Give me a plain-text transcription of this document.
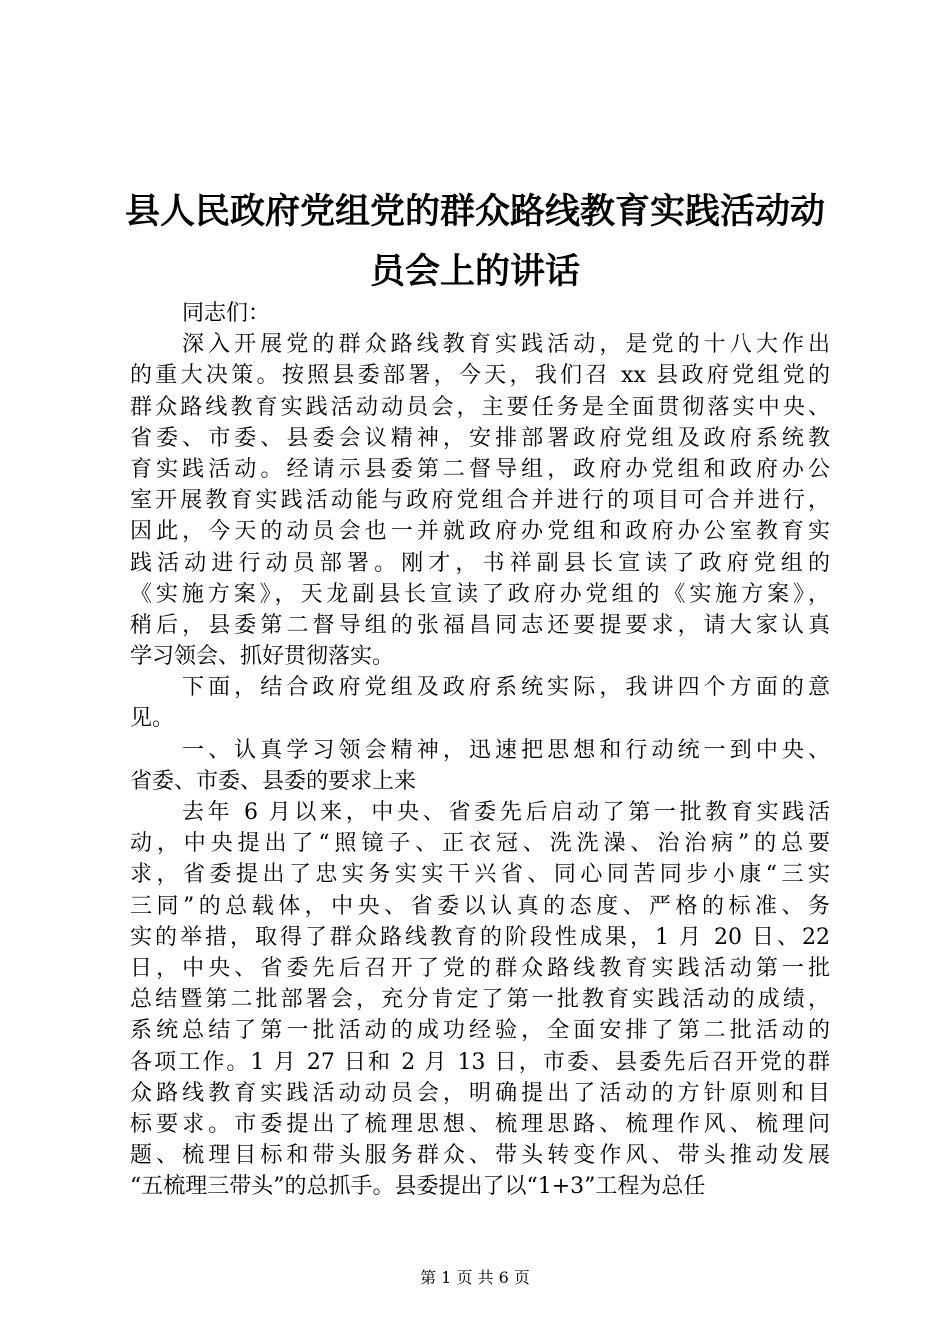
县人民政府党组党的群众路线教育实践活动动
员会上的讲话
同志们：
深入开展党的群众路线教育实践活动，是党的十八大作出
的重大决策。按照县委部署，今天，我们召 xx 县政府党组党的
群众路线教育实践活动动员会，主要任务是全面贯彻落实中央、
省委、市委、县委会议精神，安排部署政府党组及政府系统教
育实践活动。经请示县委第二督导组，政府办党组和政府办公
室开展教育实践活动能与政府党组合并进行的项目可合并进行，
因此，今天的动员会也一并就政府办党组和政府办公室教育实
践活动进行动员部署。刚才，书祥副县长宣读了政府党组的
《实施方案》，天龙副县长宣读了政府办党组的《实施方案》，
稍后，县委第二督导组的张福昌同志还要提要求，请大家认真
学习领会、抓好贯彻落实。
下面，结合政府党组及政府系统实际，我讲四个方面的意
见。
一、认真学习领会精神，迅速把思想和行动统一到中央、
省委、市委、县委的要求上来
去年 6 月以来，中央、省委先后启动了第一批教育实践活
动，中央提出了“照镜子、正衣冠、洗洗澡、治治病”的总要
求，省委提出了忠实务实实干兴省、同心同苦同步小康“三实
三同”的总载体，中央、省委以认真的态度、严格的标准、务
实的举措，取得了群众路线教育的阶段性成果，1 月 20 日、22
日，中央、省委先后召开了党的群众路线教育实践活动第一批
总结暨第二批部署会，充分肯定了第一批教育实践活动的成绩，
系统总结了第一批活动的成功经验，全面安排了第二批活动的
各项工作。1 月 27 日和 2 月 13 日，市委、县委先后召开党的群
众路线教育实践活动动员会，明确提出了活动的方针原则和目
标要求。市委提出了梳理思想、梳理思路、梳理作风、梳理问
题、梳理目标和带头服务群众、带头转变作风、带头推动发展
“五梳理三带头”的总抓手。县委提出了以“1+3”工程为总任
第 1 页 共 6 页
